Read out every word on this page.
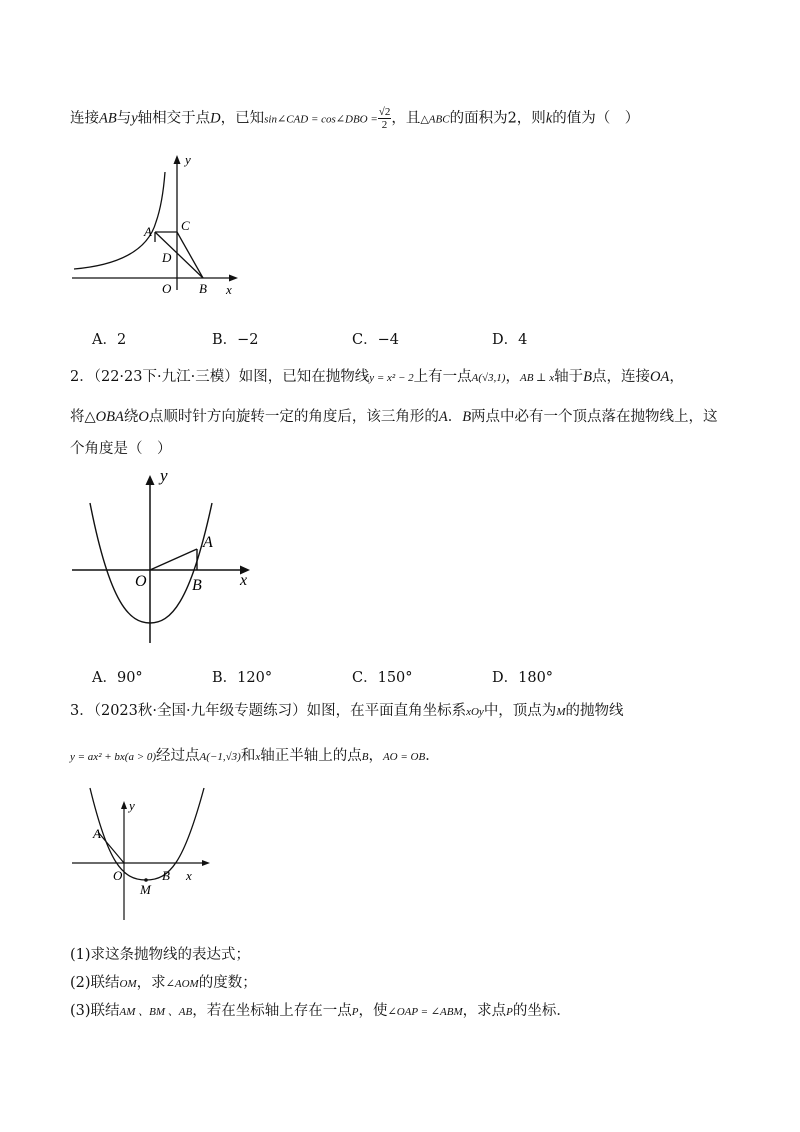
连接AB与y轴相交于点D，已知sin∠CAD = cos∠DBO = $\frac{√2}{2}$ ，且△ABC的面积为2，则k的值为（　）
y
x
A C
D
O B
A．2	B．−2	C．−4	D．4
2．（22·23下·九江·三模）如图，已知在抛物线y = x² − 2上有一点A(√3,1)，AB ⊥ x轴于B点，连接OA，
将△OBA绕O点顺时针方向旋转一定的角度后，该三角形的A．B两点中必有一个顶点落在抛物线上，这
个角度是（　）
y
x
A
O	B
A．90°	B．120°	C．150°	D．180°
3．（2023秋·全国·九年级专题练习）如图，在平面直角坐标系xOy中，顶点为M的抛物线
y = ax² + bx(a > 0)经过点A(−1,√3)和x轴正半轴上的点B，AO = OB．
y
x
A
O
M
B
(1)求这条抛物线的表达式；
(2)联结OM，求∠AOM的度数；
(3)联结AM 、BM 、AB，若在坐标轴上存在一点P，使∠OAP = ∠ABM，求点P的坐标．
